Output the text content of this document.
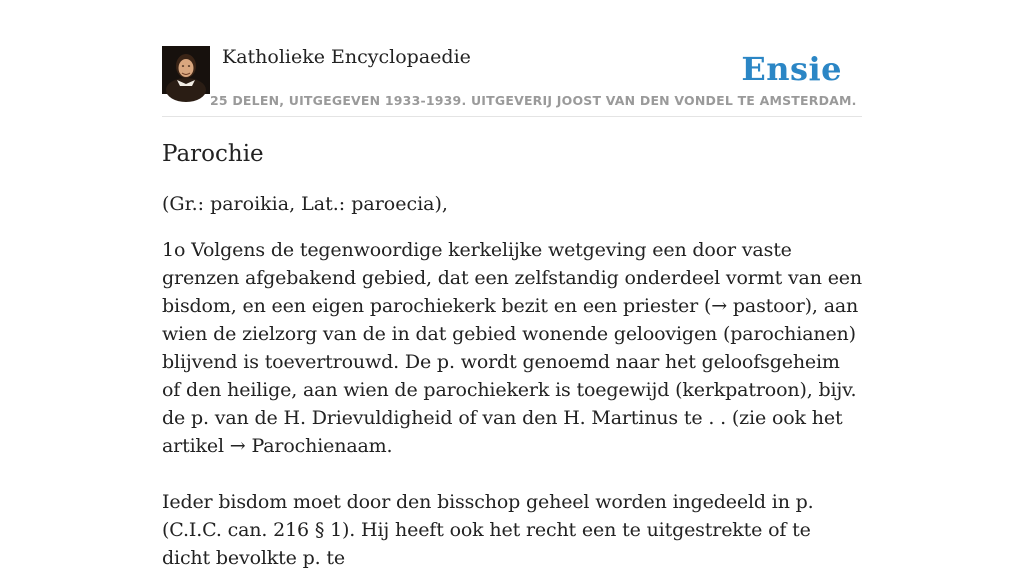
Katholieke Encyclopaedie
25 DELEN, UITGEGEVEN 1933-1939. UITGEVERIJ JOOST VAN DEN VONDEL TE AMSTERDAM.
Ensie
Parochie

(Gr.: paroikia, Lat.: paroecia),

1o Volgens de tegenwoordige kerkelijke wetgeving een door vaste grenzen afgebakend gebied, dat een zelfstandig onderdeel vormt van een bisdom, en een eigen parochiekerk bezit en een priester (→ pastoor), aan wien de zielzorg van de in dat gebied wonende geloovigen (parochianen) blijvend is toevertrouwd. De p. wordt genoemd naar het geloofsgeheim of den heilige, aan wien de parochiekerk is toegewijd (kerkpatroon), bijv. de p. van de H. Drievuldigheid of van den H. Martinus te . . (zie ook het artikel → Parochienaam.

Ieder bisdom moet door den bisschop geheel worden ingedeeld in p. (C.I.C. can. 216 § 1). Hij heeft ook het recht een te uitgestrekte of te dicht bevolkte p. te
